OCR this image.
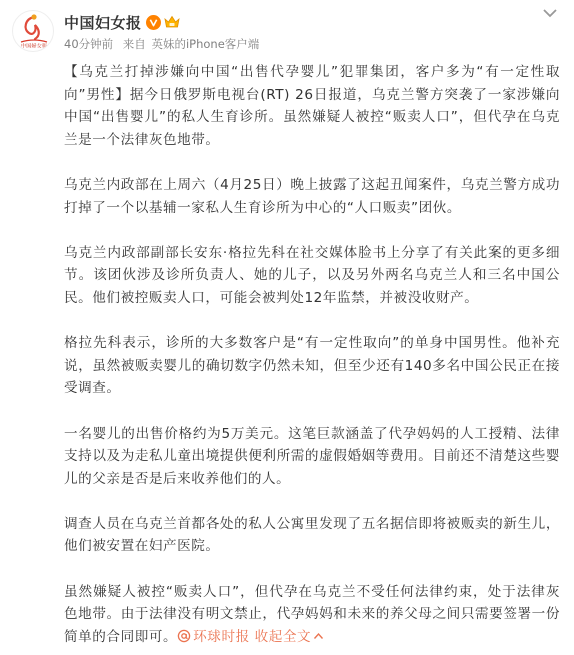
中国婦女報
中国妇女报
40分钟前 来自 英妹的iPhone客户端

【乌克兰打掉涉嫌向中国“出售代孕婴儿”犯罪集团，客户多为“有一定性取向”男性】据今日俄罗斯电视台(RT) 26日报道，乌克兰警方突袭了一家涉嫌向中国“出售婴儿”的私人生育诊所。虽然嫌疑人被控“贩卖人口”，但代孕在乌克兰是一个法律灰色地带。

乌克兰内政部在上周六（4月25日）晚上披露了这起丑闻案件，乌克兰警方成功打掉了一个以基辅一家私人生育诊所为中心的“人口贩卖”团伙。

乌克兰内政部副部长安东·格拉先科在社交媒体脸书上分享了有关此案的更多细节。该团伙涉及诊所负责人、她的儿子，以及另外两名乌克兰人和三名中国公民。他们被控贩卖人口，可能会被判处12年监禁，并被没收财产。

格拉先科表示，诊所的大多数客户是“有一定性取向”的单身中国男性。他补充说，虽然被贩卖婴儿的确切数字仍然未知，但至少还有140多名中国公民正在接受调查。

一名婴儿的出售价格约为5万美元。这笔巨款涵盖了代孕妈妈的人工授精、法律支持以及为走私儿童出境提供便利所需的虚假婚姻等费用。目前还不清楚这些婴儿的父亲是否是后来收养他们的人。

调查人员在乌克兰首都各处的私人公寓里发现了五名据信即将被贩卖的新生儿，他们被安置在妇产医院。

虽然嫌疑人被控“贩卖人口”，但代孕在乌克兰不受任何法律约束，处于法律灰色地带。由于法律没有明文禁止，代孕妈妈和未来的养父母之间只需要签署一份简单的合同即可。 环球时报 收起全文
